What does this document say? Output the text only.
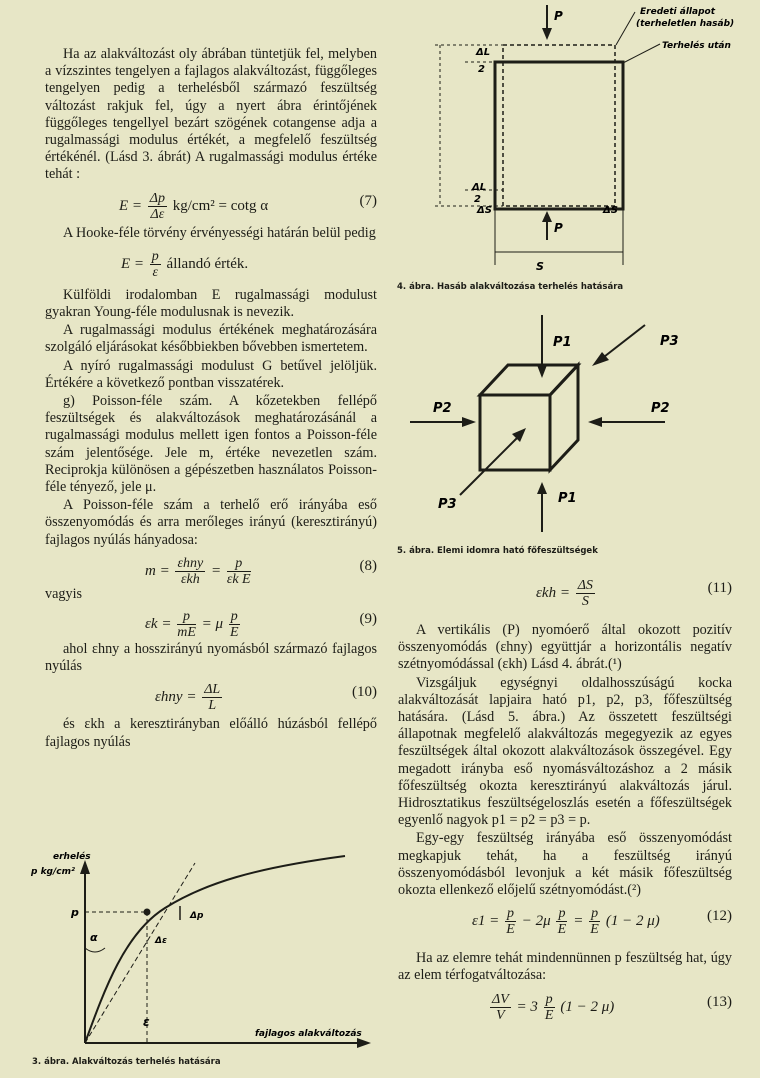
Ha az alakváltozást oly ábrában tüntetjük fel, melyben a vízszintes tengelyen a fajlagos alakváltozást, függőleges tengelyen pedig a terhelésből származó feszültség változást rakjuk fel, úgy a nyert ábra érintőjének függőleges tengellyel bezárt szögének cotangense adja a rugalmassági modulus értékét, a megfelelő feszültség értékénél. (Lásd 3. ábrát) A rugalmassági modulus értéke tehát :

$E = \frac{\Delta p}{\Delta\varepsilon} kg/cm^2 = \cot g$ α	(7)

A Hooke-féle törvény érvényességi határán belül pedig

$E = \frac{p}{\varepsilon}$ állandó érték.

Külföldi irodalomban E rugalmassági modulust gyakran Young-féle modulusnak is nevezik.

A rugalmassági modulus értékének meghatározására szolgáló eljárásokat későbbiekben bővebben ismertetem.

A nyíró rugalmassági modulust G betűvel jelöljük. Értékére a következő pontban visszatérek.

g) Poisson-féle szám. A kőzetekben fellépő feszültségek és alakváltozások meghatározásánál a rugalmassági modulus mellett igen fontos a Poisson-féle szám jelentősége. Jele m, értéke nevezetlen szám. Reciprokja különösen a gépészetben használatos Poisson-féle tényező, jele μ.

A Poisson-féle szám a terhelő erő irányába eső összenyomódás és arra merőleges irányú (keresztirányú) fajlagos nyúlás hányadosa:

$m = \frac{\text{εhny}}{\text{εkh}} = \frac{p}{\text{εk E}}$	(8)
vagyis
$\varepsilon k = \frac{p}{mE} = \mu \frac{p}{E}$	(9)

ahol εhny a hosszirányú nyomásból származó fajlagos nyúlás

$\varepsilon hny = \frac{\Delta L}{L}$	(10)

és εkh a keresztirányban előálló húzásból fellépő fajlagos nyúlás

erhelés
p kg/cm²
fajlagos alakváltozás
p
ε
α
Δp
Δε
3. ábra. Alakváltozás terhelés hatására
P
ΔL
2
ΔL
2
ΔS	ΔS
P
S
Eredeti állapot
(terheletlen hasáb)
Terhelés után
4. ábra. Hasáb alakváltozása terhelés hatására
P1
P1
P2	P2
P3
P3
5. ábra. Elemi idomra ható főfeszültségek
$\varepsilon kh = \frac{\Delta S}{S}$	(11)

A vertikális (P) nyomóerő által okozott pozitív összenyomódás (εhny) együttjár a horizontális negatív szétnyomódással (εkh) Lásd 4. ábrát.(¹)

Vizsgáljuk egységnyi oldalhosszúságú kocka alakváltozását lapjaira ható p1, p2, p3, főfeszültség hatására. (Lásd 5. ábra.) Az összetett feszültségi állapotnak megfelelő alakváltozás megegyezik az egyes feszültségek által okozott alakváltozások összegével. Egy megadott irányba eső nyomásváltozáshoz a 2 másik főfeszültség okozta keresztirányú alakváltozás járul. Hidrosztatikus feszültségeloszlás esetén a főfeszültségek egyenlő nagyok p1 = p2 = p3 = p.

Egy-egy feszültség irányába eső összenyomódást megkapjuk tehát, ha a feszültség irányú összenyomódásból levonjuk a két másik főfeszültség okozta ellenkező előjelű szétnyomódást.(²)

$\varepsilon 1 = \frac{p}{E} - 2\mu \frac{p}{E} = \frac{p}{E} (1 - 2$ μ)	(12)

Ha az elemre tehát mindennünnen p feszültség hat, úgy az elem térfogatváltozása:

$\frac{\Delta V}{V} = 3 \frac{p}{E} (1 - 2$ μ)	(13)
